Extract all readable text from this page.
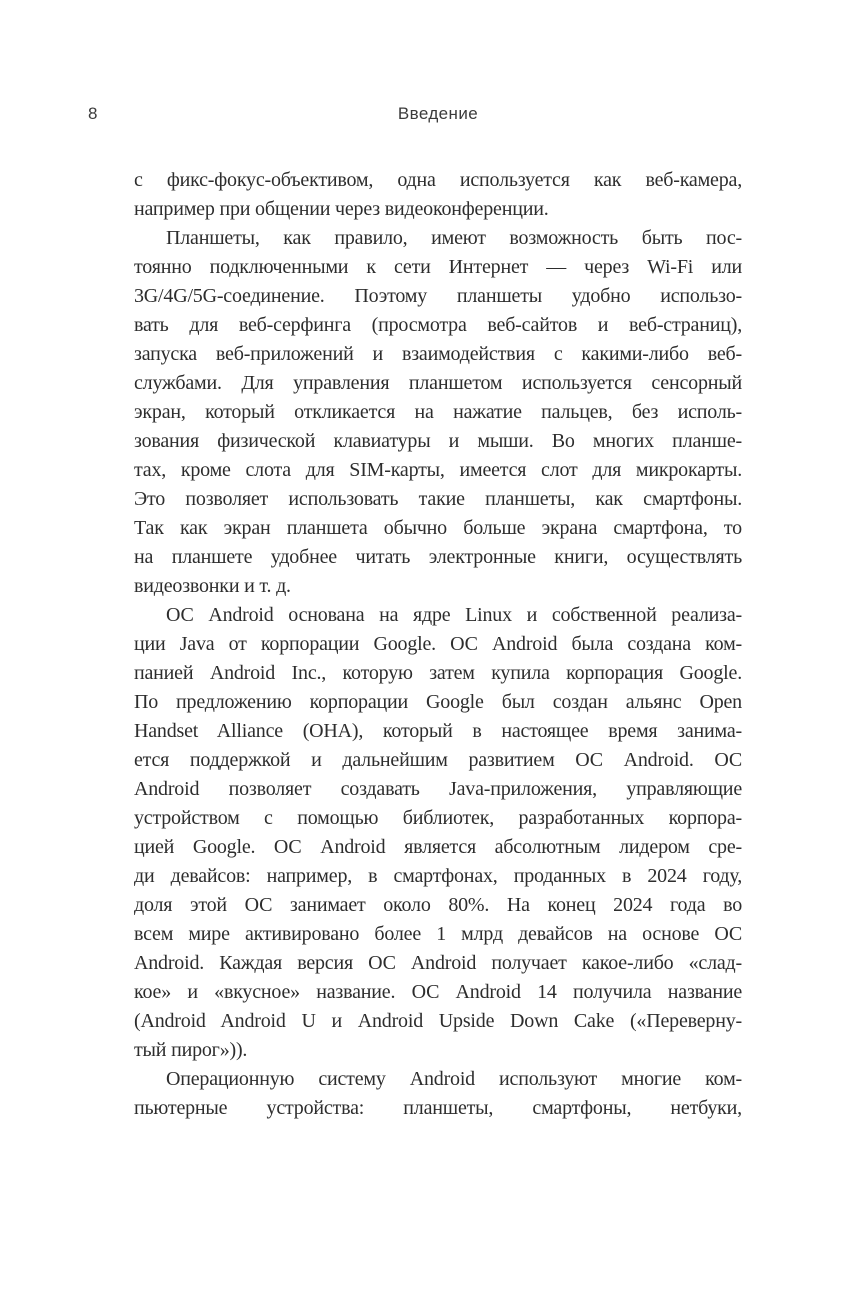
8	Введение
с фикс-фокус-объективом, одна используется как веб-камера,
например при общении через видеоконференции.
Планшеты, как правило, имеют возможность быть пос-
тоянно подключенными к сети Интернет — через Wi-Fi или
3G/4G/5G-соединение. Поэтому планшеты удобно использо-
вать для веб-серфинга (просмотра веб-сайтов и веб-страниц),
запуска веб-приложений и взаимодействия с какими-либо веб-
службами. Для управления планшетом используется сенсорный
экран, который откликается на нажатие пальцев, без исполь-
зования физической клавиатуры и мыши. Во многих планше-
тах, кроме слота для SIM-карты, имеется слот для микрокарты.
Это позволяет использовать такие планшеты, как смартфоны.
Так как экран планшета обычно больше экрана смартфона, то
на планшете удобнее читать электронные книги, осуществлять
видеозвонки и т. д.
ОС Android основана на ядре Linux и собственной реализа-
ции Java от корпорации Google. ОС Android была создана ком-
панией Android Inc., которую затем купила корпорация Google.
По предложению корпорации Google был создан альянс Open
Handset Alliance (OHA), который в настоящее время занима-
ется поддержкой и дальнейшим развитием ОС Android. ОС
Android позволяет создавать Java-приложения, управляющие
устройством с помощью библиотек, разработанных корпора-
цией Google. ОС Android является абсолютным лидером сре-
ди девайсов: например, в смартфонах, проданных в 2024 году,
доля этой ОС занимает около 80%. На конец 2024 года во
всем мире активировано более 1 млрд девайсов на основе ОС
Android. Каждая версия ОС Android получает какое-либо «слад-
кое» и «вкусное» название. ОС Android 14 получила название
(Android Android U и Android Upside Down Cake («Переверну-
тый пирог»)).
Операционную систему Android используют многие ком-
пьютерные устройства: планшеты, смартфоны, нетбуки,
